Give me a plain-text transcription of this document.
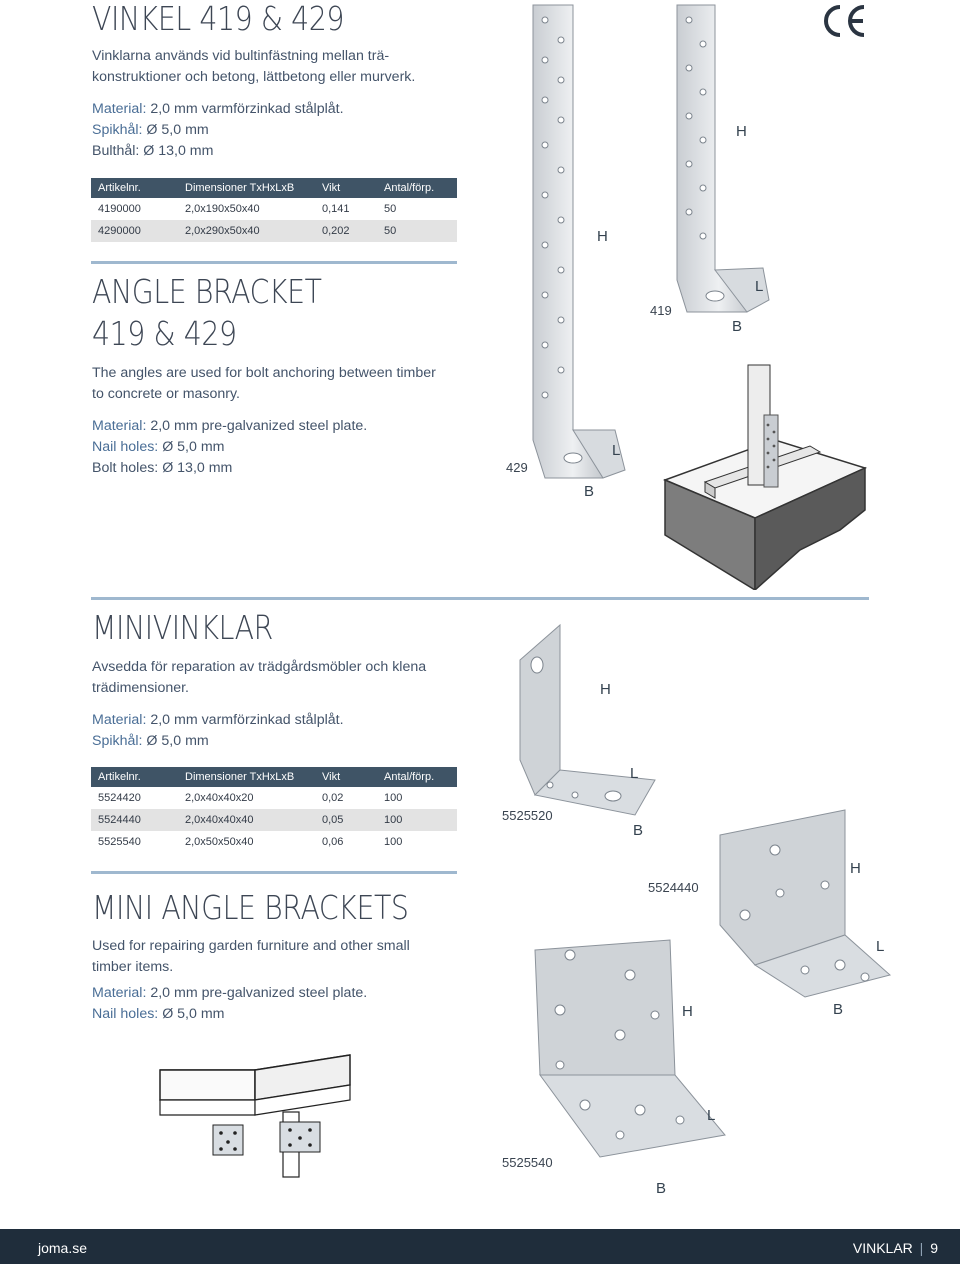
VINKEL 419 & 429
Vinklarna används vid bultinfästning mellan trä-
konstruktioner och betong, lättbetong eller murverk.
Material: 2,0 mm varmförzinkad stålplåt.
Spikhål: Ø 5,0 mm
Bulthål: Ø 13,0 mm
Artikelnr.	Dimensioner TxHxLxB	Vikt	Antal/förp.
4190000	2,0x190x50x40	0,141	50
4290000	2,0x290x50x40	0,202	50
ANGLE BRACKET
419 & 429
The angles are used for bolt anchoring between timber
to concrete or masonry.
Material: 2,0 mm pre-galvanized steel plate.
Nail holes: Ø 5,0 mm
Bolt holes: Ø 13,0 mm
H
H
419
L
B
429
L
B
MINIVINKLAR
Avsedda för reparation av trädgårdsmöbler och klena
trädimensioner.
Material: 2,0 mm varmförzinkad stålplåt.
Spikhål: Ø 5,0 mm
Artikelnr.	Dimensioner TxHxLxB	Vikt	Antal/förp.
5524420	2,0x40x40x20	0,02	100
5524440	2,0x40x40x40	0,05	100
5525540	2,0x50x50x40	0,06	100
MINI ANGLE BRACKETS
Used for repairing garden furniture and other small
timber items.
Material: 2,0 mm pre-galvanized steel plate.
Nail holes: Ø 5,0 mm
H
L
5525520
B
5524440
H
L
H	B
L
5525540
B
joma.se	VINKLAR | 9
